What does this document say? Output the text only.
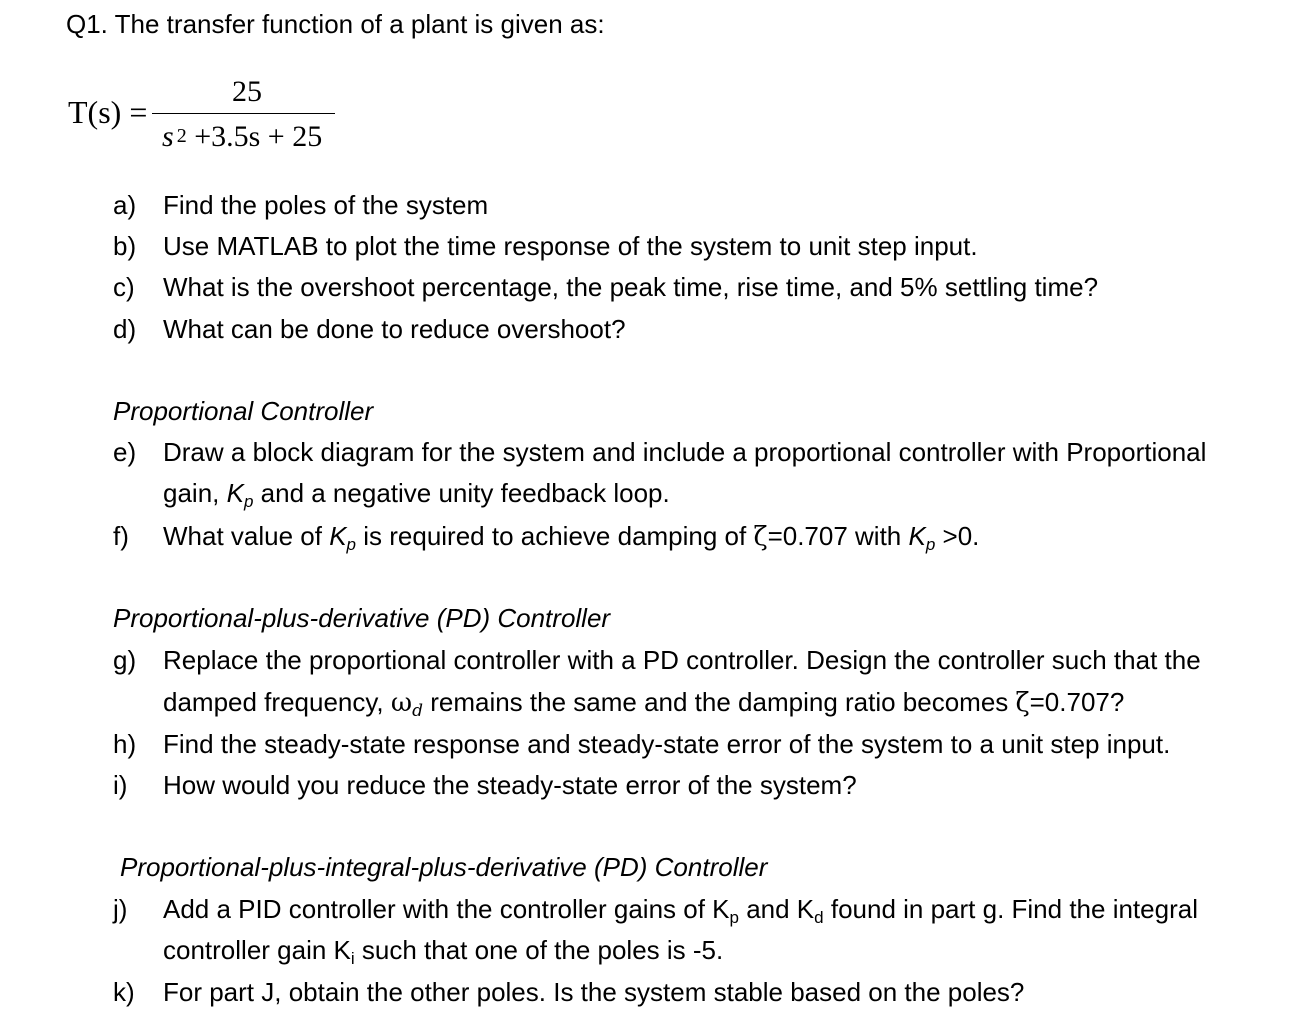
Q1. The transfer function of a plant is given as:
T(s) =
25
s $^2$ +3.5s + 25
a) Find the poles of the system
b) Use MATLAB to plot the time response of the system to unit step input.
c) What is the overshoot percentage, the peak time, rise time, and 5% settling time?
d) What can be done to reduce overshoot?
Proportional Controller
e) Draw a block diagram for the system and include a proportional controller with Proportional
gain, $K_p$ and a negative unity feedback loop.
f) What value of $K_p$ is required to achieve damping of ζ=0.707 with $K_p >0$.
Proportional-plus-derivative (PD) Controller
g) Replace the proportional controller with a PD controller. Design the controller such that the
damped frequency, $\omega_d$ remains the same and the damping ratio becomes ζ=0.707?
h) Find the steady-state response and steady-state error of the system to a unit step input.
i) How would you reduce the steady-state error of the system?
Proportional-plus-integral-plus-derivative (PD) Controller
j) Add a PID controller with the controller gains of $K_p$ and $K_d$ found in part g. Find the integral
controller gain $K_i$ such that one of the poles is -5.
k) For part J, obtain the other poles. Is the system stable based on the poles?
